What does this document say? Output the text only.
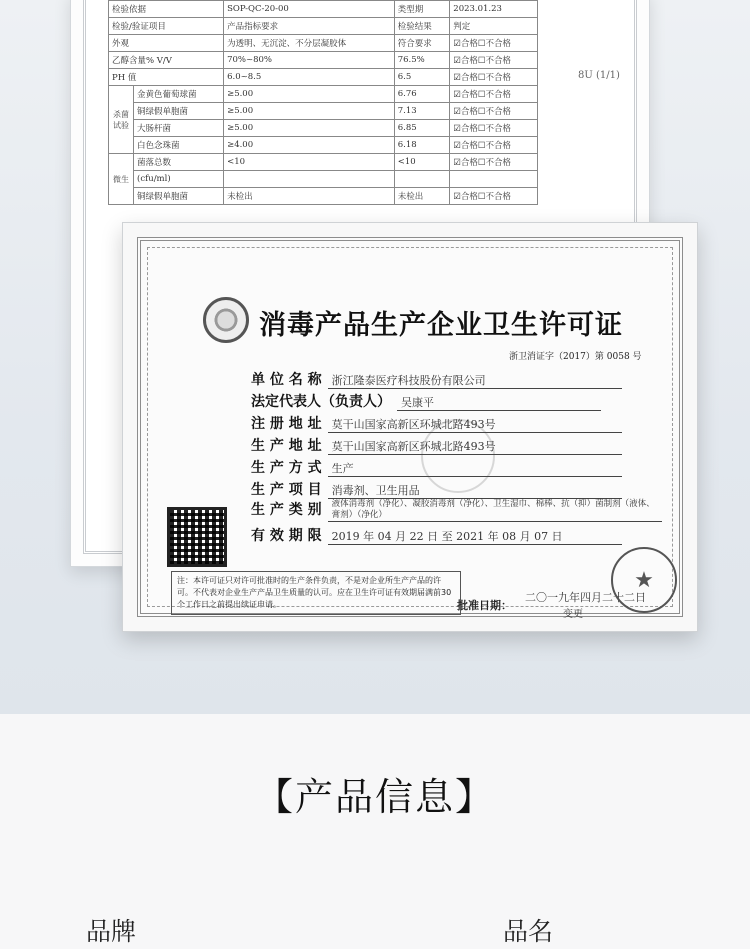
检验依据		SOP-QC-20-00	类型期	2023.01.23
检验/验证项目		产品指标要求	检验结果	判定
外观		为透明、无沉淀、不分层凝胶体	符合要求	☑合格☐不合格
乙醇含量% V/V		70%~80%	76.5%	☑合格☐不合格
PH 值		6.0~8.5	6.5	☑合格☐不合格
杀菌
试验	金黄色葡萄球菌	≥5.00	6.76	☑合格☐不合格
	铜绿假单胞菌	≥5.00	7.13	☑合格☐不合格
	大肠杆菌	≥5.00	6.85	☑合格☐不合格
	白色念珠菌	≥4.00	6.18	☑合格☐不合格
微生	菌落总数	<10	<10	☑合格☐不合格
	(cfu/ml)			
	铜绿假单胞菌	未检出	未检出	☑合格☐不合格
8U (1/1)
消毒产品生产企业卫生许可证
浙卫消证字（2017）第 0058 号
单 位 名 称 浙江隆泰医疗科技股份有限公司
法定代表人（负责人） 吴康平
注 册 地 址 莫干山国家高新区环城北路493号
生 产 地 址 莫干山国家高新区环城北路493号
生 产 方 式 生产
生 产 项 目 消毒剂、卫生用品
生 产 类 别	液体消毒剂（净化）、凝胶消毒剂（净化）、卫生湿巾、棉棒、抗（抑）菌制剂（液体、膏剂）（净化）
有 效 期 限 2019 年 04 月 22 日 至 2021 年 08 月 07 日
注：本许可证只对许可批准时的生产条件负责，不是对企业所生产产品的许可。不代表对企业生产产品卫生质量的认可。应在卫生许可证有效期届满前30个工作日之前提出续证申请。	批准日期：
二〇一九年四月二十二日
变更
★
【产品信息】
品牌	品名
